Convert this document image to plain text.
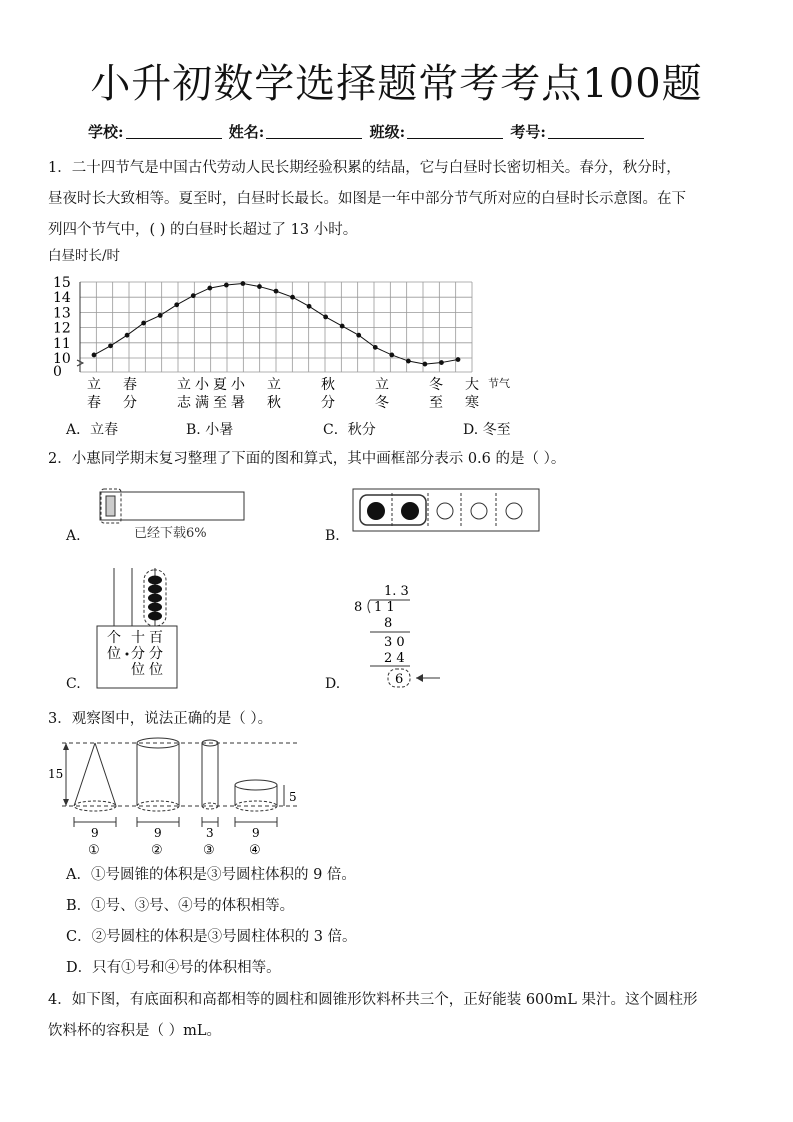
小升初数学选择题常考考点100题
学校:	姓名:	班级:	考号:
1．二十四节气是中国古代劳动人民长期经验积累的结晶，它与白昼时长密切相关。春分，秋分时，
昼夜时长大致相等。夏至时，白昼时长最长。如图是一年中部分节气所对应的白昼时长示意图。在下
列四个节气中，( ) 的白昼时长超过了 13 小时。
白昼时长/时
15
14
13
12
11
10
0
立
春
春
分
立
志
小
满
夏
至
小
暑
立
秋
秋
分
立
冬
冬
至
大
寒
节气
A．立春	B. 小暑	C．秋分	D. 冬至
2．小惠同学期末复习整理了下面的图和算式，其中画框部分表示 0.6 的是（ ）。
A.	已经下载6%	B.
C.
个
位
十
分
位
百
分
位
D.
1. 3
8 1 1
8
3 0
2 4
6
3．观察图中，说法正确的是（ ）。
15
5
9	9	3	9
①	②	③	④
A．①号圆锥的体积是③号圆柱体积的 9 倍。
B．①号、③号、④号的体积相等。
C．②号圆柱的体积是③号圆柱体积的 3 倍。
D．只有①号和④号的体积相等。
4．如下图，有底面积和高都相等的圆柱和圆锥形饮料杯共三个，正好能装 600mL 果汁。这个圆柱形
饮料杯的容积是（ ）mL。
